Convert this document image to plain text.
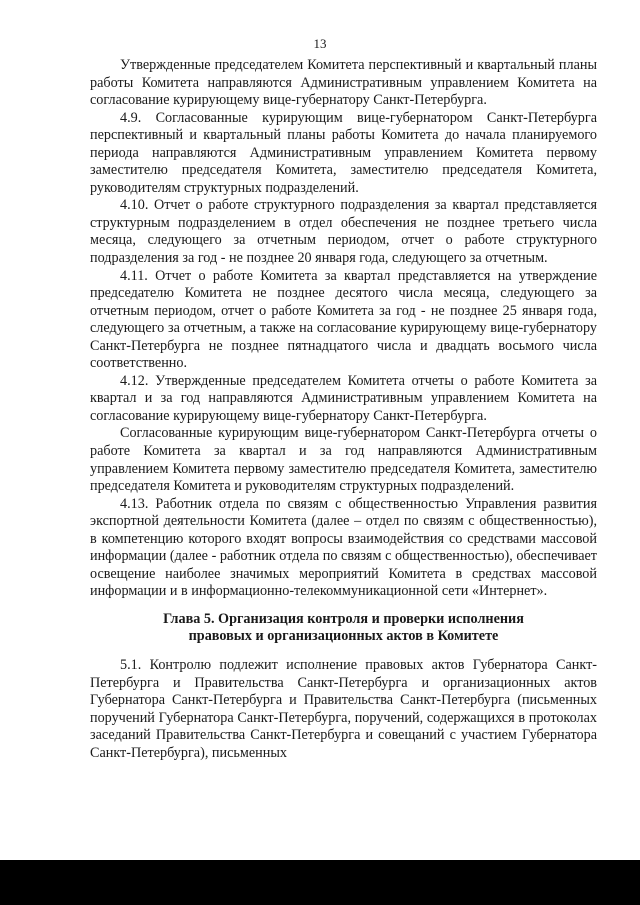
13

Утвержденные председателем Комитета перспективный и квартальный планы работы Комитета направляются Административным управлением Комитета на согласование курирующему вице-губернатору Санкт-Петербурга.

4.9. Согласованные курирующим вице-губернатором Санкт-Петербурга перспективный и квартальный планы работы Комитета до начала планируемого периода направляются Административным управлением Комитета первому заместителю председателя Комитета, заместителю председателя Комитета, руководителям структурных подразделений.

4.10. Отчет о работе структурного подразделения за квартал представляется структурным подразделением в отдел обеспечения не позднее третьего числа месяца, следующего за отчетным периодом, отчет о работе структурного подразделения за год - не позднее 20 января года, следующего за отчетным.

4.11. Отчет о работе Комитета за квартал представляется на утверждение председателю Комитета не позднее десятого числа месяца, следующего за отчетным периодом, отчет о работе Комитета за год - не позднее 25 января года, следующего за отчетным, а также на согласование курирующему вице-губернатору Санкт-Петербурга не позднее пятнадцатого числа и двадцать восьмого числа соответственно.

4.12. Утвержденные председателем Комитета отчеты о работе Комитета за квартал и за год направляются Административным управлением Комитета на согласование курирующему вице-губернатору Санкт-Петербурга.

Согласованные курирующим вице-губернатором Санкт-Петербурга отчеты о работе Комитета за квартал и за год направляются Административным управлением Комитета первому заместителю председателя Комитета, заместителю председателя Комитета и руководителям структурных подразделений.

4.13. Работник отдела по связям с общественностью Управления развития экспортной деятельности Комитета (далее – отдел по связям с общественностью), в компетенцию которого входят вопросы взаимодействия со средствами массовой информации (далее - работник отдела по связям с общественностью), обеспечивает освещение наиболее значимых мероприятий Комитета в средствах массовой информации и в информационно-телекоммуникационной сети «Интернет».

Глава 5. Организация контроля и проверки исполнения
правовых и организационных актов в Комитете

5.1. Контролю подлежит исполнение правовых актов Губернатора Санкт-Петербурга и Правительства Санкт-Петербурга и организационных актов Губернатора Санкт-Петербурга и Правительства Санкт-Петербурга (письменных поручений Губернатора Санкт-Петербурга, поручений, содержащихся в протоколах заседаний Правительства Санкт-Петербурга и совещаний с участием Губернатора Санкт-Петербурга), письменных
